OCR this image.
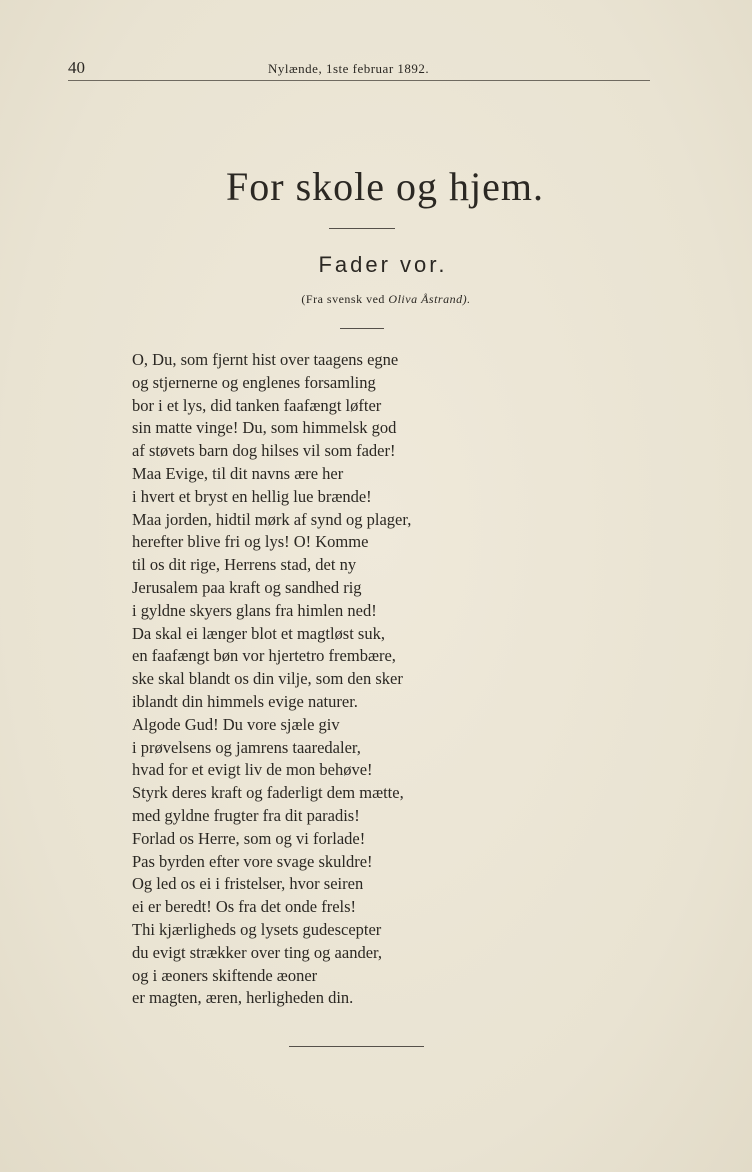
40	Nylænde, 1ste februar 1892.
For skole og hjem.
Fader vor.
(Fra svensk ved Oliva Åstrand).
O, Du, som fjernt hist over taagens egne
og stjernerne og englenes forsamling
bor i et lys, did tanken faafængt løfter
sin matte vinge! Du, som himmelsk god
af støvets barn dog hilses vil som fader!
Maa Evige, til dit navns ære her
i hvert et bryst en hellig lue brænde!
Maa jorden, hidtil mørk af synd og plager,
herefter blive fri og lys! O! Komme
til os dit rige, Herrens stad, det ny
Jerusalem paa kraft og sandhed rig
i gyldne skyers glans fra himlen ned!
Da skal ei længer blot et magtløst suk,
en faafængt bøn vor hjertetro frembære,
ske skal blandt os din vilje, som den sker
iblandt din himmels evige naturer.
Algode Gud! Du vore sjæle giv
i prøvelsens og jamrens taaredaler,
hvad for et evigt liv de mon behøve!
Styrk deres kraft og faderligt dem mætte,
med gyldne frugter fra dit paradis!
Forlad os Herre, som og vi forlade!
Pas byrden efter vore svage skuldre!
Og led os ei i fristelser, hvor seiren
ei er beredt! Os fra det onde frels!
Thi kjærligheds og lysets gudescepter
du evigt strækker over ting og aander,
og i æoners skiftende æoner
er magten, æren, herligheden din.
